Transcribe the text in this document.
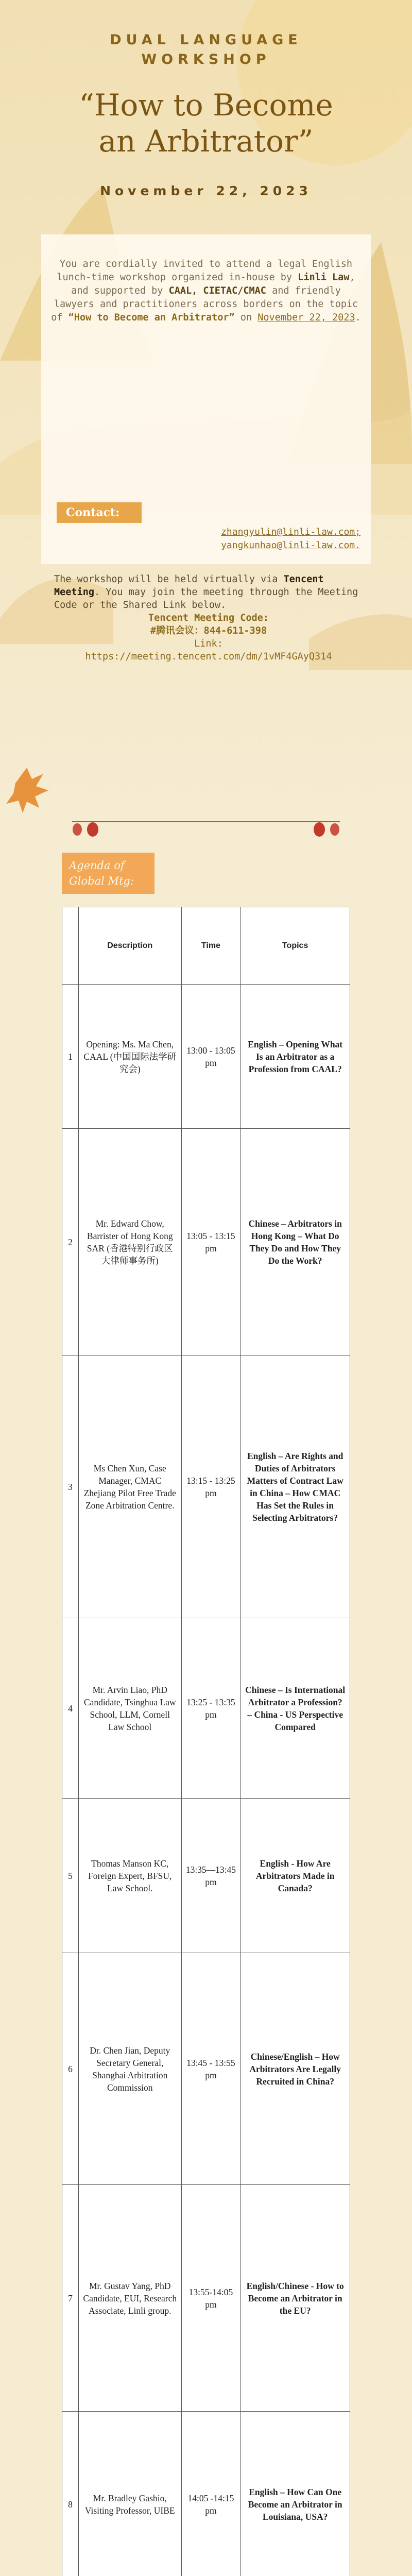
DUAL LANGUAGE
WORKSHOP
“How to Become
an Arbitrator”
November 22, 2023
You are cordially invited to attend a legal English lunch-time workshop organized in-house by Linli Law, and supported by CAAL, CIETAC/CMAC and friendly lawyers and practitioners across borders on the topic of “How to Become an Arbitrator” on November 22, 2023.
Contact:
zhangyulin@linli-law.com;
yangkunhao@linli-law.com.
The workshop will be held virtually via Tencent Meeting. You may join the meeting through the Meeting Code or the Shared Link below.
Tencent Meeting Code:
#腾讯会议：844-611-398
Link:
https://meeting.tencent.com/dm/1vMF4GAyQ314
Agenda of Global Mtg:
	Description	Time	Topics
1	Opening: Ms. Ma Chen, CAAL (中国国际法学研究会)	13:00 - 13:05 pm	English – Opening What Is an Arbitrator as a Profession from CAAL?
2	Mr. Edward Chow, Barrister of Hong Kong SAR (香港特别行政区大律师事务所)	13:05 - 13:15 pm	Chinese – Arbitrators in Hong Kong – What Do They Do and How They Do the Work?
3	Ms Chen Xun, Case Manager, CMAC Zhejiang Pilot Free Trade Zone Arbitration Centre.	13:15 - 13:25 pm	English – Are Rights and Duties of Arbitrators Matters of Contract Law in China – How CMAC Has Set the Rules in Selecting Arbitrators?
4	Mr. Arvin Liao, PhD Candidate, Tsinghua Law School, LLM, Cornell Law School	13:25 - 13:35 pm	Chinese – Is International Arbitrator a Profession? – China - US Perspective Compared
5	Thomas Manson KC, Foreign Expert, BFSU, Law School.	13:35—13:45 pm	English - How Are Arbitrators Made in Canada?
6	Dr. Chen Jian, Deputy Secretary General, Shanghai Arbitration Commission	13:45 - 13:55 pm	Chinese/English – How Arbitrators Are Legally Recruited in China?
7	Mr. Gustav Yang, PhD Candidate, EUI, Research Associate, Linli group.	13:55-14:05 pm	English/Chinese - How to Become an Arbitrator in the EU?
8	Mr. Bradley Gasbio, Visiting Professor, UIBE	14:05 -14:15 pm	English – How Can One Become an Arbitrator in Louisiana, USA?
